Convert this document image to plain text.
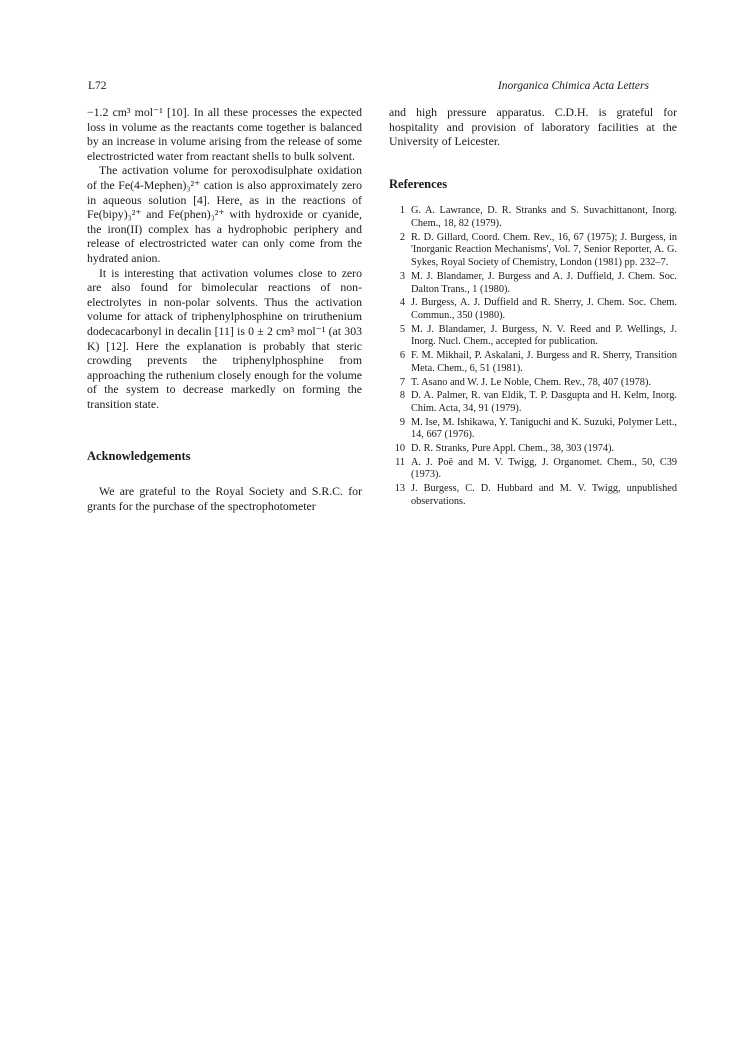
L72	Inorganica Chimica Acta Letters

−1.2 cm³ mol⁻¹ [10]. In all these processes the expected loss in volume as the reactants come together is balanced by an increase in volume arising from the release of some electrostricted water from reactant shells to bulk solvent.

The activation volume for peroxodisulphate oxidation of the Fe(4-Mephen)₃²⁺ cation is also approximately zero in aqueous solution [4]. Here, as in the reactions of Fe(bipy)₃²⁺ and Fe(phen)₃²⁺ with hydroxide or cyanide, the iron(II) complex has a hydrophobic periphery and release of electrostricted water can only come from the hydrated anion.

It is interesting that activation volumes close to zero are also found for bimolecular reactions of non-electrolytes in non-polar solvents. Thus the activation volume for attack of triphenylphosphine on triruthenium dodecacarbonyl in decalin [11] is 0 ± 2 cm³ mol⁻¹ (at 303 K) [12]. Here the explanation is probably that steric crowding prevents the triphenylphosphine from approaching the ruthenium closely enough for the volume of the system to decrease markedly on forming the transition state.

Acknowledgements

We are grateful to the Royal Society and S.R.C. for grants for the purchase of the spectrophotometer

and high pressure apparatus. C.D.H. is grateful for hospitality and provision of laboratory facilities at the University of Leicester.

References
1 G. A. Lawrance, D. R. Stranks and S. Suvachittanont, Inorg. Chem., 18, 82 (1979).
2 R. D. Gillard, Coord. Chem. Rev., 16, 67 (1975); J. Burgess, in 'Inorganic Reaction Mechanisms', Vol. 7, Senior Reporter, A. G. Sykes, Royal Society of Chemistry, London (1981) pp. 232–7.
3 M. J. Blandamer, J. Burgess and A. J. Duffield, J. Chem. Soc. Dalton Trans., 1 (1980).
4 J. Burgess, A. J. Duffield and R. Sherry, J. Chem. Soc. Chem. Commun., 350 (1980).
5 M. J. Blandamer, J. Burgess, N. V. Reed and P. Wellings, J. Inorg. Nucl. Chem., accepted for publication.
6 F. M. Mikhail, P. Askalani, J. Burgess and R. Sherry, Transition Meta. Chem., 6, 51 (1981).
7 T. Asano and W. J. Le Noble, Chem. Rev., 78, 407 (1978).
8 D. A. Palmer, R. van Eldik, T. P. Dasgupta and H. Kelm, Inorg. Chim. Acta, 34, 91 (1979).
9 M. Ise, M. Ishikawa, Y. Taniguchi and K. Suzuki, Polymer Lett., 14, 667 (1976).
10 D. R. Stranks, Pure Appl. Chem., 38, 303 (1974).
11 A. J. Poë and M. V. Twigg, J. Organomet. Chem., 50, C39 (1973).
13 J. Burgess, C. D. Hubbard and M. V. Twigg, unpublished observations.
